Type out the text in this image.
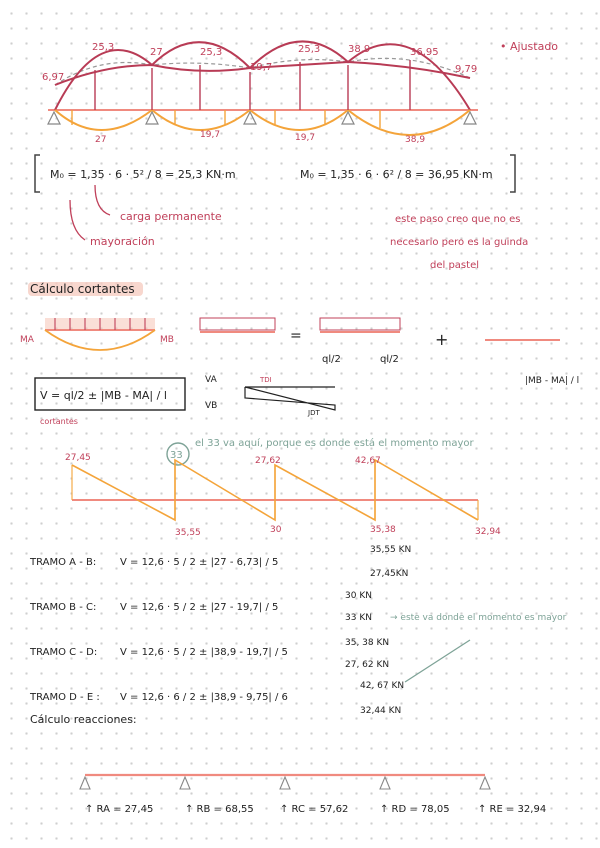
6,97
25,3	27	25,3
19,7
25,3	38,9	36,95
9,79
• Ajustado
27	19,7	19,7	38,9
M₀ = 1,35 · 6 · 5² / 8 = 25,3 KN·m	M₀ = 1,35 · 6 · 6² / 8 = 36,95 KN·m
carga permanente
mayoración
este paso creo que no es
necesario pero es la guinda
del pastel
Cálculo cortantes
MA	MB	=
ql/2	ql/2
+
|MB - MA| / l
V = ql/2 ± |MB - MA| / l
cortantes
VA
VB
TDI
JDT
33
el 33 va aquí, porque es donde está el momento mayor
27,45	27,62	42,67
35,55	30	35,38	32,94
TRAMO A - B: V = 12,6 · 5 / 2 ± |27 - 6,73| / 5
35,55 KN
27,45KN
TRAMO B - C: V = 12,6 · 5 / 2 ± |27 - 19,7| / 5
30 KN
33 KN → este va donde el momento es mayor
TRAMO C - D: V = 12,6 · 5 / 2 ± |38,9 - 19,7| / 5
35, 38 KN
27, 62 KN
TRAMO D - E : V = 12,6 · 6 / 2 ± |38,9 - 9,75| / 6
42, 67 KN
32,44 KN
Cálculo reacciones:
↑ RA = 27,45	↑ RB = 68,55	↑ RC = 57,62	↑ RD = 78,05	↑ RE = 32,94
